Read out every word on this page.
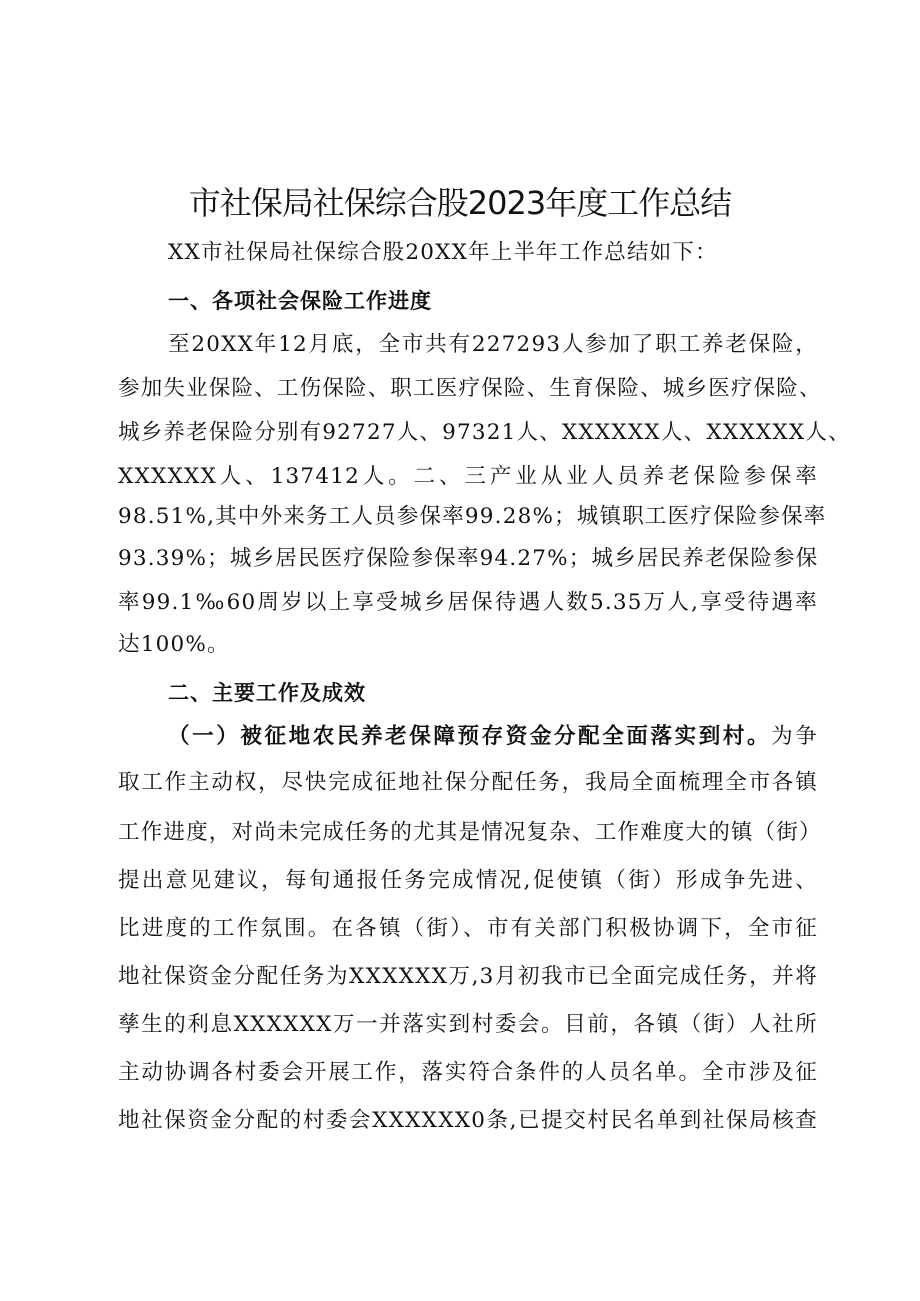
市社保局社保综合股2023年度工作总结
XX市社保局社保综合股20XX年上半年工作总结如下：
一、各项社会保险工作进度
至20XX年12月底，全市共有227293人参加了职工养老保险，
参加失业保险、工伤保险、职工医疗保险、生育保险、城乡医疗保险、
城乡养老保险分别有92727人、97321人、XXXXXX人、XXXXXX人、
XXXXXX人、137412人。二、三产业从业人员养老保险参保率
98.51%,其中外来务工人员参保率99.28%；城镇职工医疗保险参保率
93.39%；城乡居民医疗保险参保率94.27%；城乡居民养老保险参保
率99.1‰60周岁以上享受城乡居保待遇人数5.35万人,享受待遇率
达100%。
二、主要工作及成效
（一）被征地农民养老保障预存资金分配全面落实到村。为争
取工作主动权，尽快完成征地社保分配任务，我局全面梳理全市各镇
工作进度，对尚未完成任务的尤其是情况复杂、工作难度大的镇（街）
提出意见建议，每旬通报任务完成情况,促使镇（街）形成争先进、
比进度的工作氛围。在各镇（街）、市有关部门积极协调下，全市征
地社保资金分配任务为XXXXXX万,3月初我市已全面完成任务，并将
孳生的利息XXXXXX万一并落实到村委会。目前，各镇（街）人社所
主动协调各村委会开展工作，落实符合条件的人员名单。全市涉及征
地社保资金分配的村委会XXXXXX0条,已提交村民名单到社保局核查
